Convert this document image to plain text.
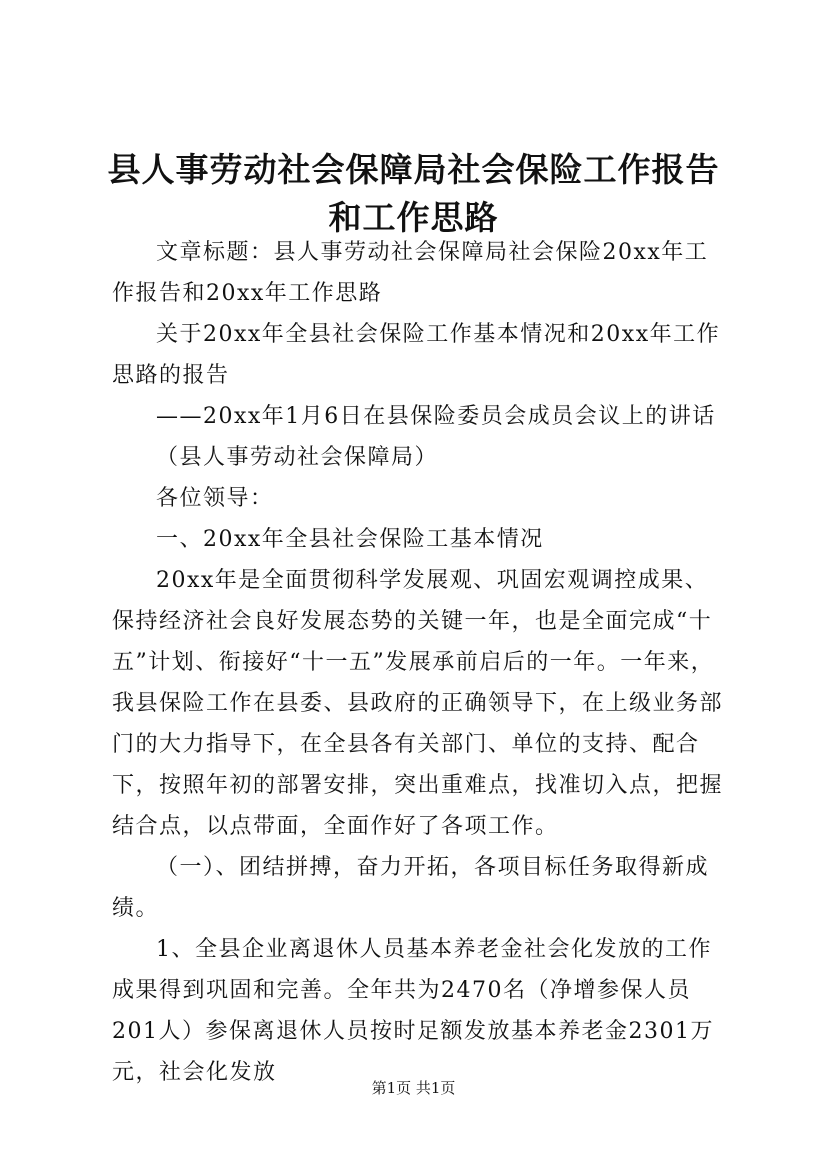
县人事劳动社会保障局社会保险工作报告和工作思路

文章标题：县人事劳动社会保障局社会保险20xx年工作报告和20xx年工作思路

关于20xx年全县社会保险工作基本情况和20xx年工作思路的报告

——20xx年1月6日在县保险委员会成员会议上的讲话

（县人事劳动社会保障局）

各位领导：

一、20xx年全县社会保险工基本情况

20xx年是全面贯彻科学发展观、巩固宏观调控成果、保持经济社会良好发展态势的关键一年，也是全面完成“十五”计划、衔接好“十一五”发展承前启后的一年。一年来，我县保险工作在县委、县政府的正确领导下，在上级业务部门的大力指导下，在全县各有关部门、单位的支持、配合下，按照年初的部署安排，突出重难点，找准切入点，把握结合点，以点带面，全面作好了各项工作。

（一）、团结拼搏，奋力开拓，各项目标任务取得新成绩。

1、全县企业离退休人员基本养老金社会化发放的工作成果得到巩固和完善。全年共为2470名（净增参保人员201人）参保离退休人员按时足额发放基本养老金2301万元，社会化发放

第1页 共1页
